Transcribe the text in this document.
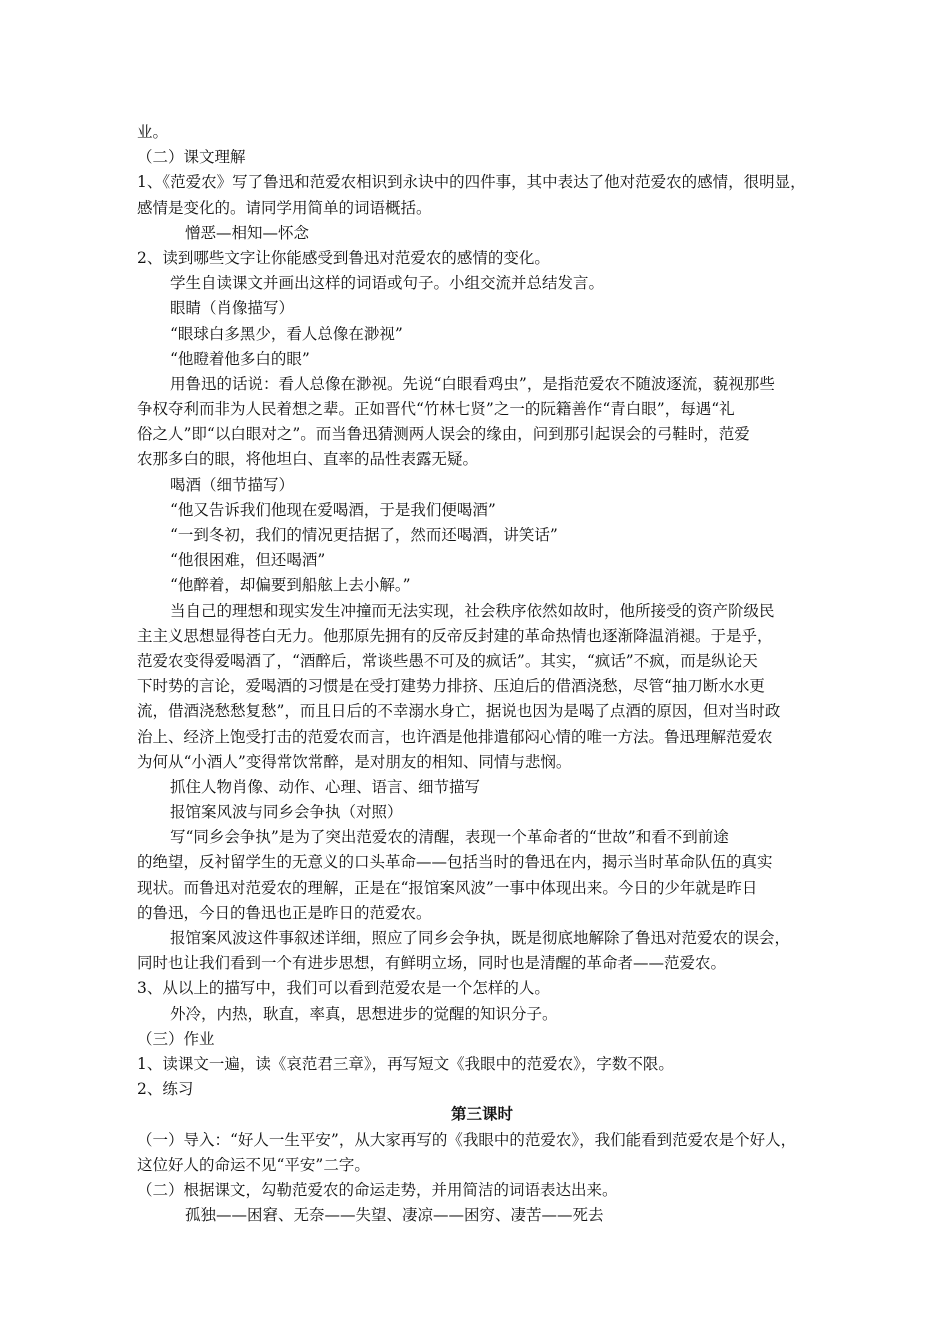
业。

（二）课文理解

1、《范爱农》写了鲁迅和范爱农相识到永诀中的四件事，其中表达了他对范爱农的感情，很明显，

感情是变化的。请同学用简单的词语概括。

憎恶—相知—怀念

2、读到哪些文字让你能感受到鲁迅对范爱农的感情的变化。

学生自读课文并画出这样的词语或句子。小组交流并总结发言。

眼睛（肖像描写）

“眼球白多黑少，看人总像在渺视”

“他瞪着他多白的眼”

用鲁迅的话说：看人总像在渺视。先说“白眼看鸡虫”，是指范爱农不随波逐流，藐视那些

争权夺利而非为人民着想之辈。正如晋代“竹林七贤”之一的阮籍善作“青白眼”，每遇“礼

俗之人”即“以白眼对之”。而当鲁迅猜测两人误会的缘由，问到那引起误会的弓鞋时，范爱

农那多白的眼，将他坦白、直率的品性表露无疑。

喝酒（细节描写）

“他又告诉我们他现在爱喝酒，于是我们便喝酒”

“一到冬初，我们的情况更拮据了，然而还喝酒，讲笑话”

“他很困难，但还喝酒”

“他醉着，却偏要到船舷上去小解。”

当自己的理想和现实发生冲撞而无法实现，社会秩序依然如故时，他所接受的资产阶级民

主主义思想显得苍白无力。他那原先拥有的反帝反封建的革命热情也逐渐降温消褪。于是乎，

范爱农变得爱喝酒了，“酒醉后，常谈些愚不可及的疯话”。其实，“疯话”不疯，而是纵论天

下时势的言论，爱喝酒的习惯是在受打建势力排挤、压迫后的借酒浇愁，尽管“抽刀断水水更

流，借酒浇愁愁复愁”，而且日后的不幸溺水身亡，据说也因为是喝了点酒的原因，但对当时政

治上、经济上饱受打击的范爱农而言，也许酒是他排遣郁闷心情的唯一方法。鲁迅理解范爱农

为何从“小酒人”变得常饮常醉，是对朋友的相知、同情与悲悯。

抓住人物肖像、动作、心理、语言、细节描写

报馆案风波与同乡会争执（对照）

写“同乡会争执”是为了突出范爱农的清醒，表现一个革命者的“世故”和看不到前途

的绝望，反衬留学生的无意义的口头革命——包括当时的鲁迅在内，揭示当时革命队伍的真实

现状。而鲁迅对范爱农的理解，正是在“报馆案风波”一事中体现出来。今日的少年就是昨日

的鲁迅，今日的鲁迅也正是昨日的范爱农。

报馆案风波这件事叙述详细，照应了同乡会争执，既是彻底地解除了鲁迅对范爱农的误会，

同时也让我们看到一个有进步思想，有鲜明立场，同时也是清醒的革命者——范爱农。

3、从以上的描写中，我们可以看到范爱农是一个怎样的人。

外冷，内热，耿直，率真，思想进步的觉醒的知识分子。

（三）作业

1、读课文一遍，读《哀范君三章》，再写短文《我眼中的范爱农》，字数不限。

2、练习

第三课时

（一）导入：“好人一生平安”，从大家再写的《我眼中的范爱农》，我们能看到范爱农是个好人，

这位好人的命运不见“平安”二字。

（二）根据课文，勾勒范爱农的命运走势，并用简洁的词语表达出来。

孤独——困窘、无奈——失望、凄凉——困穷、凄苦——死去
